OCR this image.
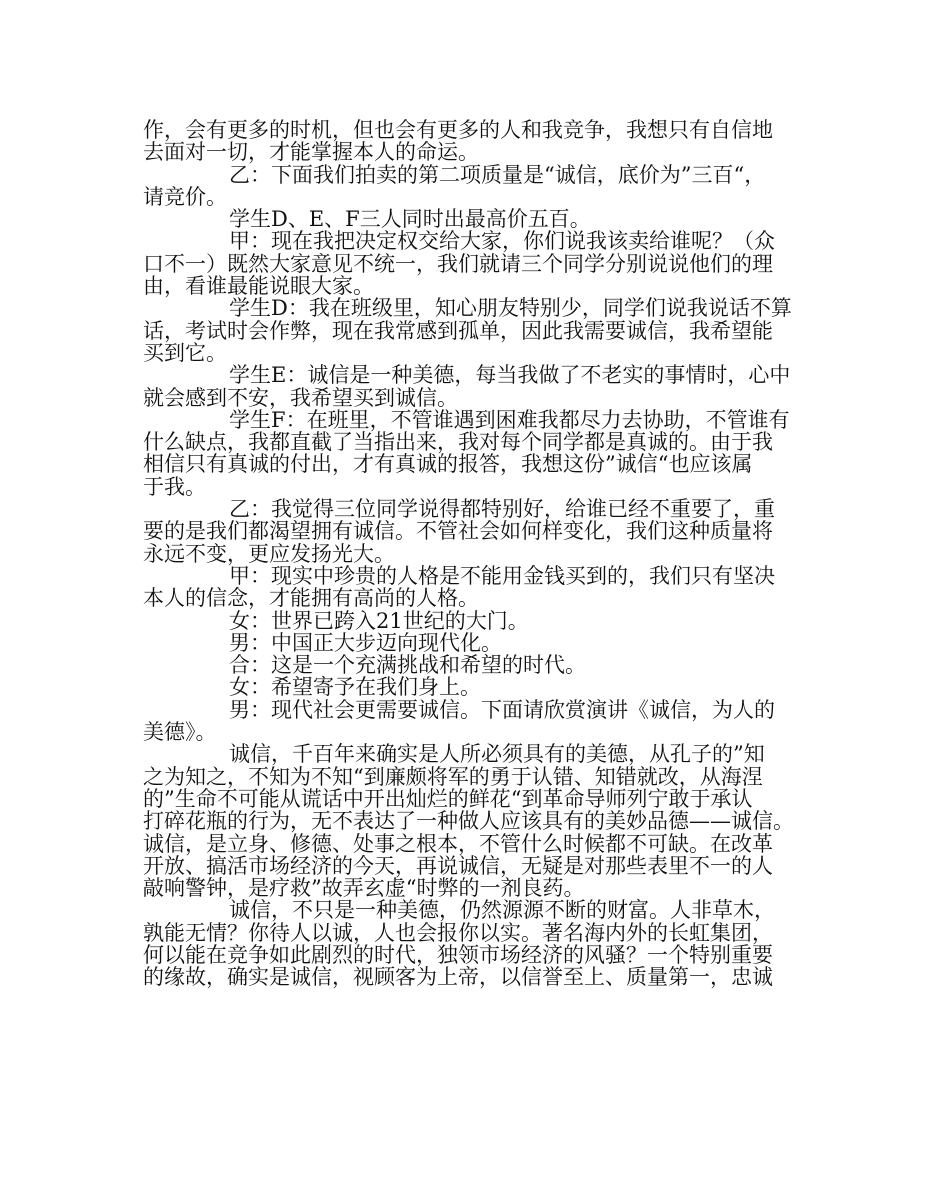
作，会有更多的时机，但也会有更多的人和我竞争，我想只有自信地
去面对一切，才能掌握本人的命运。
乙：下面我们拍卖的第二项质量是“诚信，底价为”三百“，
请竞价。
学生D、E、F三人同时出最高价五百。
甲：现在我把决定权交给大家，你们说我该卖给谁呢？（众
口不一）既然大家意见不统一，我们就请三个同学分别说说他们的理
由，看谁最能说眼大家。
学生D：我在班级里，知心朋友特别少，同学们说我说话不算
话，考试时会作弊，现在我常感到孤单，因此我需要诚信，我希望能
买到它。
学生E：诚信是一种美德，每当我做了不老实的事情时，心中
就会感到不安，我希望买到诚信。
学生F：在班里，不管谁遇到困难我都尽力去协助，不管谁有
什么缺点，我都直截了当指出来，我对每个同学都是真诚的。由于我
相信只有真诚的付出，才有真诚的报答，我想这份”诚信“也应该属
于我。
乙：我觉得三位同学说得都特别好，给谁已经不重要了，重
要的是我们都渴望拥有诚信。不管社会如何样变化，我们这种质量将
永远不变，更应发扬光大。
甲：现实中珍贵的人格是不能用金钱买到的，我们只有坚决
本人的信念，才能拥有高尚的人格。
女：世界已跨入21世纪的大门。
男：中国正大步迈向现代化。
合：这是一个充满挑战和希望的时代。
女：希望寄予在我们身上。
男：现代社会更需要诚信。下面请欣赏演讲《诚信，为人的
美德》。
诚信，千百年来确实是人所必须具有的美德，从孔子的”知
之为知之，不知为不知“到廉颇将军的勇于认错、知错就改，从海涅
的”生命不可能从谎话中开出灿烂的鲜花“到革命导师列宁敢于承认
打碎花瓶的行为，无不表达了一种做人应该具有的美妙品德——诚信。
诚信，是立身、修德、处事之根本，不管什么时候都不可缺。在改革
开放、搞活市场经济的今天，再说诚信，无疑是对那些表里不一的人
敲响警钟，是疗救”故弄玄虚“时弊的一剂良药。
诚信，不只是一种美德，仍然源源不断的财富。人非草木，
孰能无情？你待人以诚，人也会报你以实。著名海内外的长虹集团，
何以能在竞争如此剧烈的时代，独领市场经济的风骚？一个特别重要
的缘故，确实是诚信，视顾客为上帝，以信誉至上、质量第一，忠诚
